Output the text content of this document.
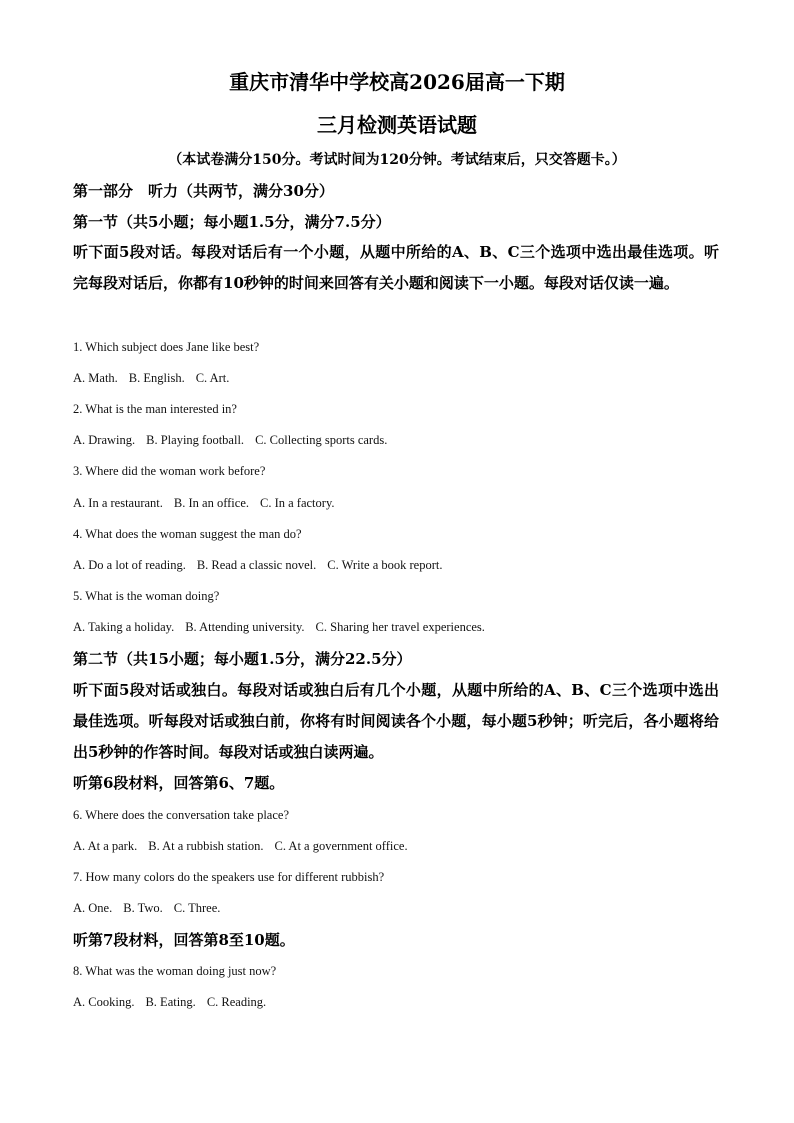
重庆市清华中学校高2026届高一下期
三月检测英语试题
（本试卷满分150分。考试时间为120分钟。考试结束后，只交答题卡。）
第一部分　听力（共两节，满分30分）
第一节（共5小题；每小题1.5分，满分7.5分）
听下面5段对话。每段对话后有一个小题，从题中所给的A、B、C三个选项中选出最佳选项。听完每段对话后，你都有10秒钟的时间来回答有关小题和阅读下一小题。每段对话仅读一遍。
1. Which subject does Jane like best?
A. Math. B. English. C. Art.
2. What is the man interested in?
A. Drawing. B. Playing football. C. Collecting sports cards.
3. Where did the woman work before?
A. In a restaurant. B. In an office. C. In a factory.
4. What does the woman suggest the man do?
A. Do a lot of reading. B. Read a classic novel. C. Write a book report.
5. What is the woman doing?
A. Taking a holiday. B. Attending university. C. Sharing her travel experiences.
第二节（共15小题；每小题1.5分，满分22.5分）
听下面5段对话或独白。每段对话或独白后有几个小题，从题中所给的A、B、C三个选项中选出最佳选项。听每段对话或独白前，你将有时间阅读各个小题，每小题5秒钟；听完后，各小题将给出5秒钟的作答时间。每段对话或独白读两遍。
听第6段材料，回答第6、7题。
6. Where does the conversation take place?
A. At a park. B. At a rubbish station. C. At a government office.
7. How many colors do the speakers use for different rubbish?
A. One. B. Two. C. Three.
听第7段材料，回答第8至10题。
8. What was the woman doing just now?
A. Cooking. B. Eating. C. Reading.
